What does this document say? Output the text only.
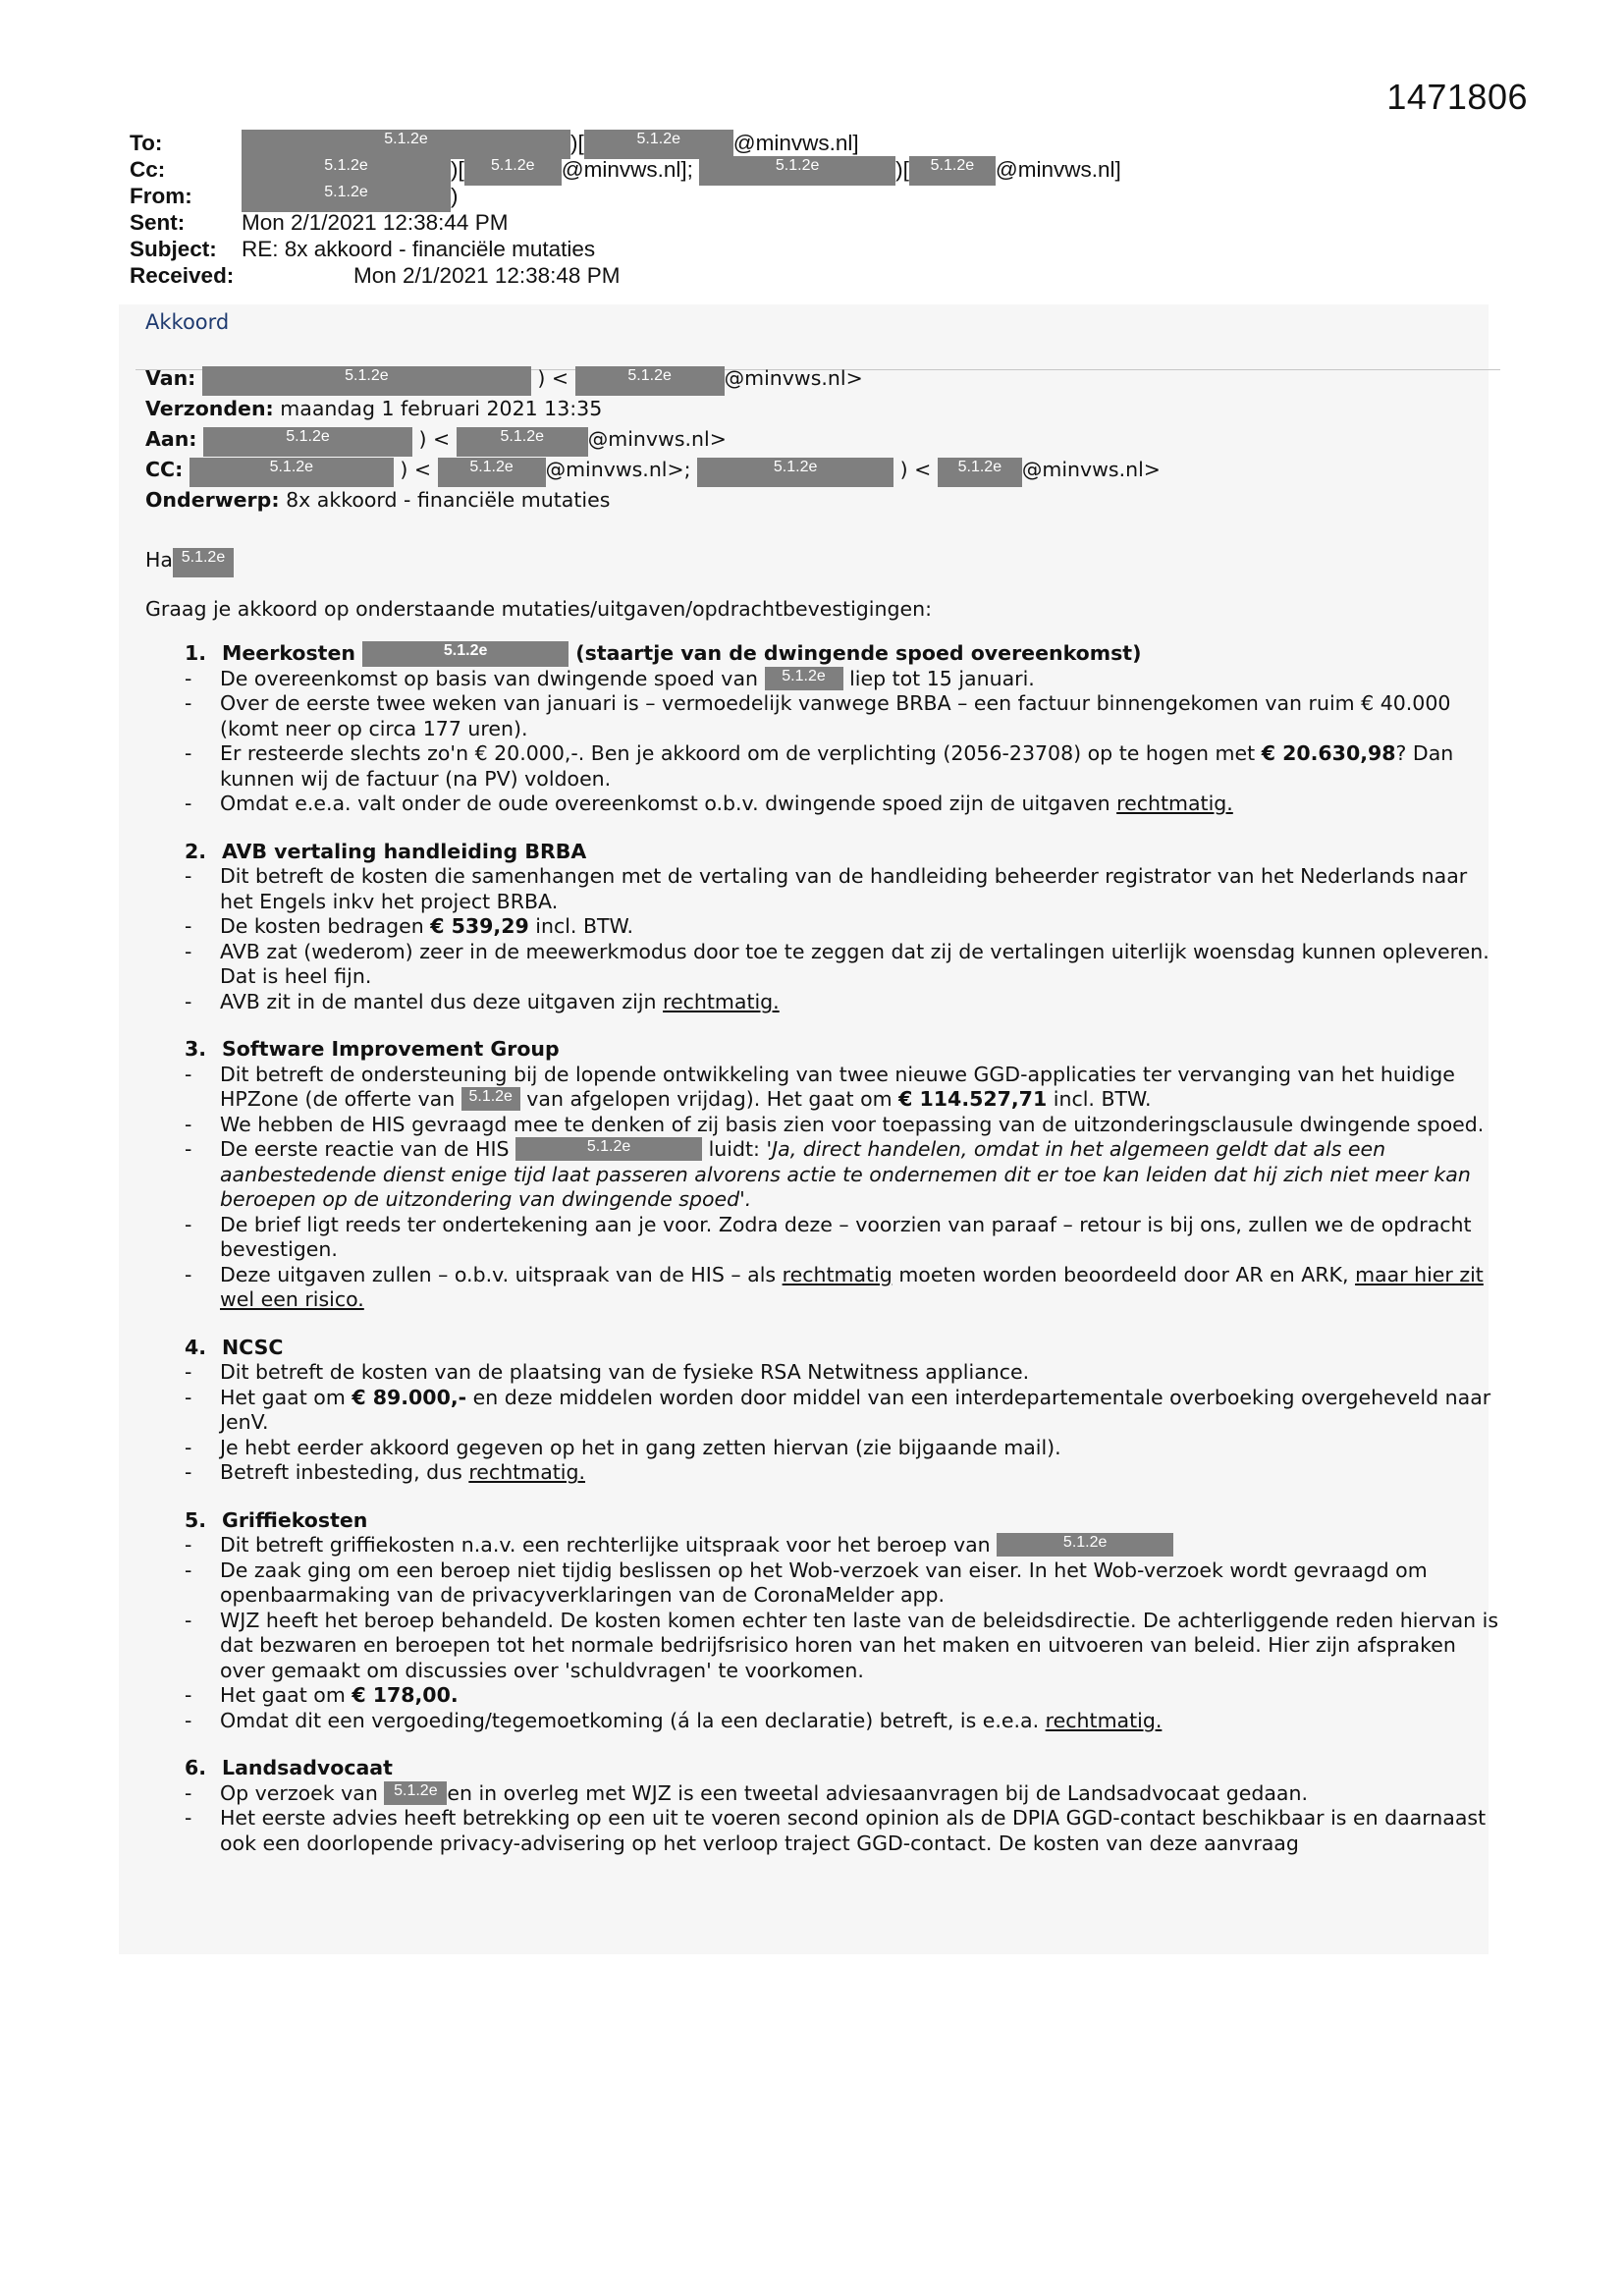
1471806
To:	5.1.2e	)[	5.1.2e @minvws.nl]
Cc:	5.1.2e	)[ 5.1.2e @minvws.nl];	5.1.2e	)[ 5.1.2e @minvws.nl]
From:	5.1.2e	)
Sent:	Mon 2/1/2021 12:38:44 PM
Subject: RE: 8x akkoord - financiële mutaties
Received:	Mon 2/1/2021 12:38:48 PM
Akkoord
Van:	5.1.2e	) <	5.1.2e	@minvws.nl>
Verzonden: maandag 1 februari 2021 13:35
Aan:	5.1.2e	) <	5.1.2e @minvws.nl>
CC:	5.1.2e	) < 5.1.2e @minvws.nl>;	5.1.2e	) < 5.1.2e @minvws.nl>
Onderwerp: 8x akkoord - financiële mutaties
Ha 5.1.2e
Graag je akkoord op onderstaande mutaties/uitgaven/opdrachtbevestigingen:
1. Meerkosten	5.1.2e	(staartje van de dwingende spoed overeenkomst)
- De overeenkomst op basis van dwingende spoed van 5.1.2e liep tot 15 januari.
- Over de eerste twee weken van januari is – vermoedelijk vanwege BRBA – een factuur binnengekomen van ruim € 40.000 (komt neer op circa 177 uren).
- Er resteerde slechts zo'n € 20.000,-. Ben je akkoord om de verplichting (2056-23708) op te hogen met € 20.630,98? Dan kunnen wij de factuur (na PV) voldoen.
- Omdat e.e.a. valt onder de oude overeenkomst o.b.v. dwingende spoed zijn de uitgaven rechtmatig.
2. AVB vertaling handleiding BRBA
- Dit betreft de kosten die samenhangen met de vertaling van de handleiding beheerder registrator van het Nederlands naar het Engels inkv het project BRBA.
- De kosten bedragen € 539,29 incl. BTW.
- AVB zat (wederom) zeer in de meewerkmodus door toe te zeggen dat zij de vertalingen uiterlijk woensdag kunnen opleveren. Dat is heel fijn.
- AVB zit in de mantel dus deze uitgaven zijn rechtmatig.
3. Software Improvement Group
- Dit betreft de ondersteuning bij de lopende ontwikkeling van twee nieuwe GGD-applicaties ter vervanging van het huidige HPZone (de offerte van 5.1.2e van afgelopen vrijdag). Het gaat om € 114.527,71 incl. BTW.
- We hebben de HIS gevraagd mee te denken of zij basis zien voor toepassing van de uitzonderingsclausule dwingende spoed.
- De eerste reactie van de HIS	5.1.2e	luidt: 'Ja, direct handelen, omdat in het algemeen geldt dat als een aanbestedende dienst enige tijd laat passeren alvorens actie te ondernemen dit er toe kan leiden dat hij zich niet meer kan beroepen op de uitzondering van dwingende spoed'.
- De brief ligt reeds ter ondertekening aan je voor. Zodra deze – voorzien van paraaf – retour is bij ons, zullen we de opdracht bevestigen.
- Deze uitgaven zullen – o.b.v. uitspraak van de HIS – als rechtmatig moeten worden beoordeeld door AR en ARK, maar hier zit wel een risico.
4. NCSC
- Dit betreft de kosten van de plaatsing van de fysieke RSA Netwitness appliance.
- Het gaat om € 89.000,- en deze middelen worden door middel van een interdepartementale overboeking overgeheveld naar JenV.
- Je hebt eerder akkoord gegeven op het in gang zetten hiervan (zie bijgaande mail).
- Betreft inbesteding, dus rechtmatig.
5. Griffiekosten
- Dit betreft griffiekosten n.a.v. een rechterlijke uitspraak voor het beroep van	5.1.2e
- De zaak ging om een beroep niet tijdig beslissen op het Wob-verzoek van eiser. In het Wob-verzoek wordt gevraagd om openbaarmaking van de privacyverklaringen van de CoronaMelder app.
- WJZ heeft het beroep behandeld. De kosten komen echter ten laste van de beleidsdirectie. De achterliggende reden hiervan is dat bezwaren en beroepen tot het normale bedrijfsrisico horen van het maken en uitvoeren van beleid. Hier zijn afspraken over gemaakt om discussies over 'schuldvragen' te voorkomen.
- Het gaat om € 178,00.
- Omdat dit een vergoeding/tegemoetkoming (á la een declaratie) betreft, is e.e.a. rechtmatig.
6. Landsadvocaat
- Op verzoek van 5.1.2e en in overleg met WJZ is een tweetal adviesaanvragen bij de Landsadvocaat gedaan.
- Het eerste advies heeft betrekking op een uit te voeren second opinion als de DPIA GGD-contact beschikbaar is en daarnaast ook een doorlopende privacy-advisering op het verloop traject GGD-contact. De kosten van deze aanvraag
